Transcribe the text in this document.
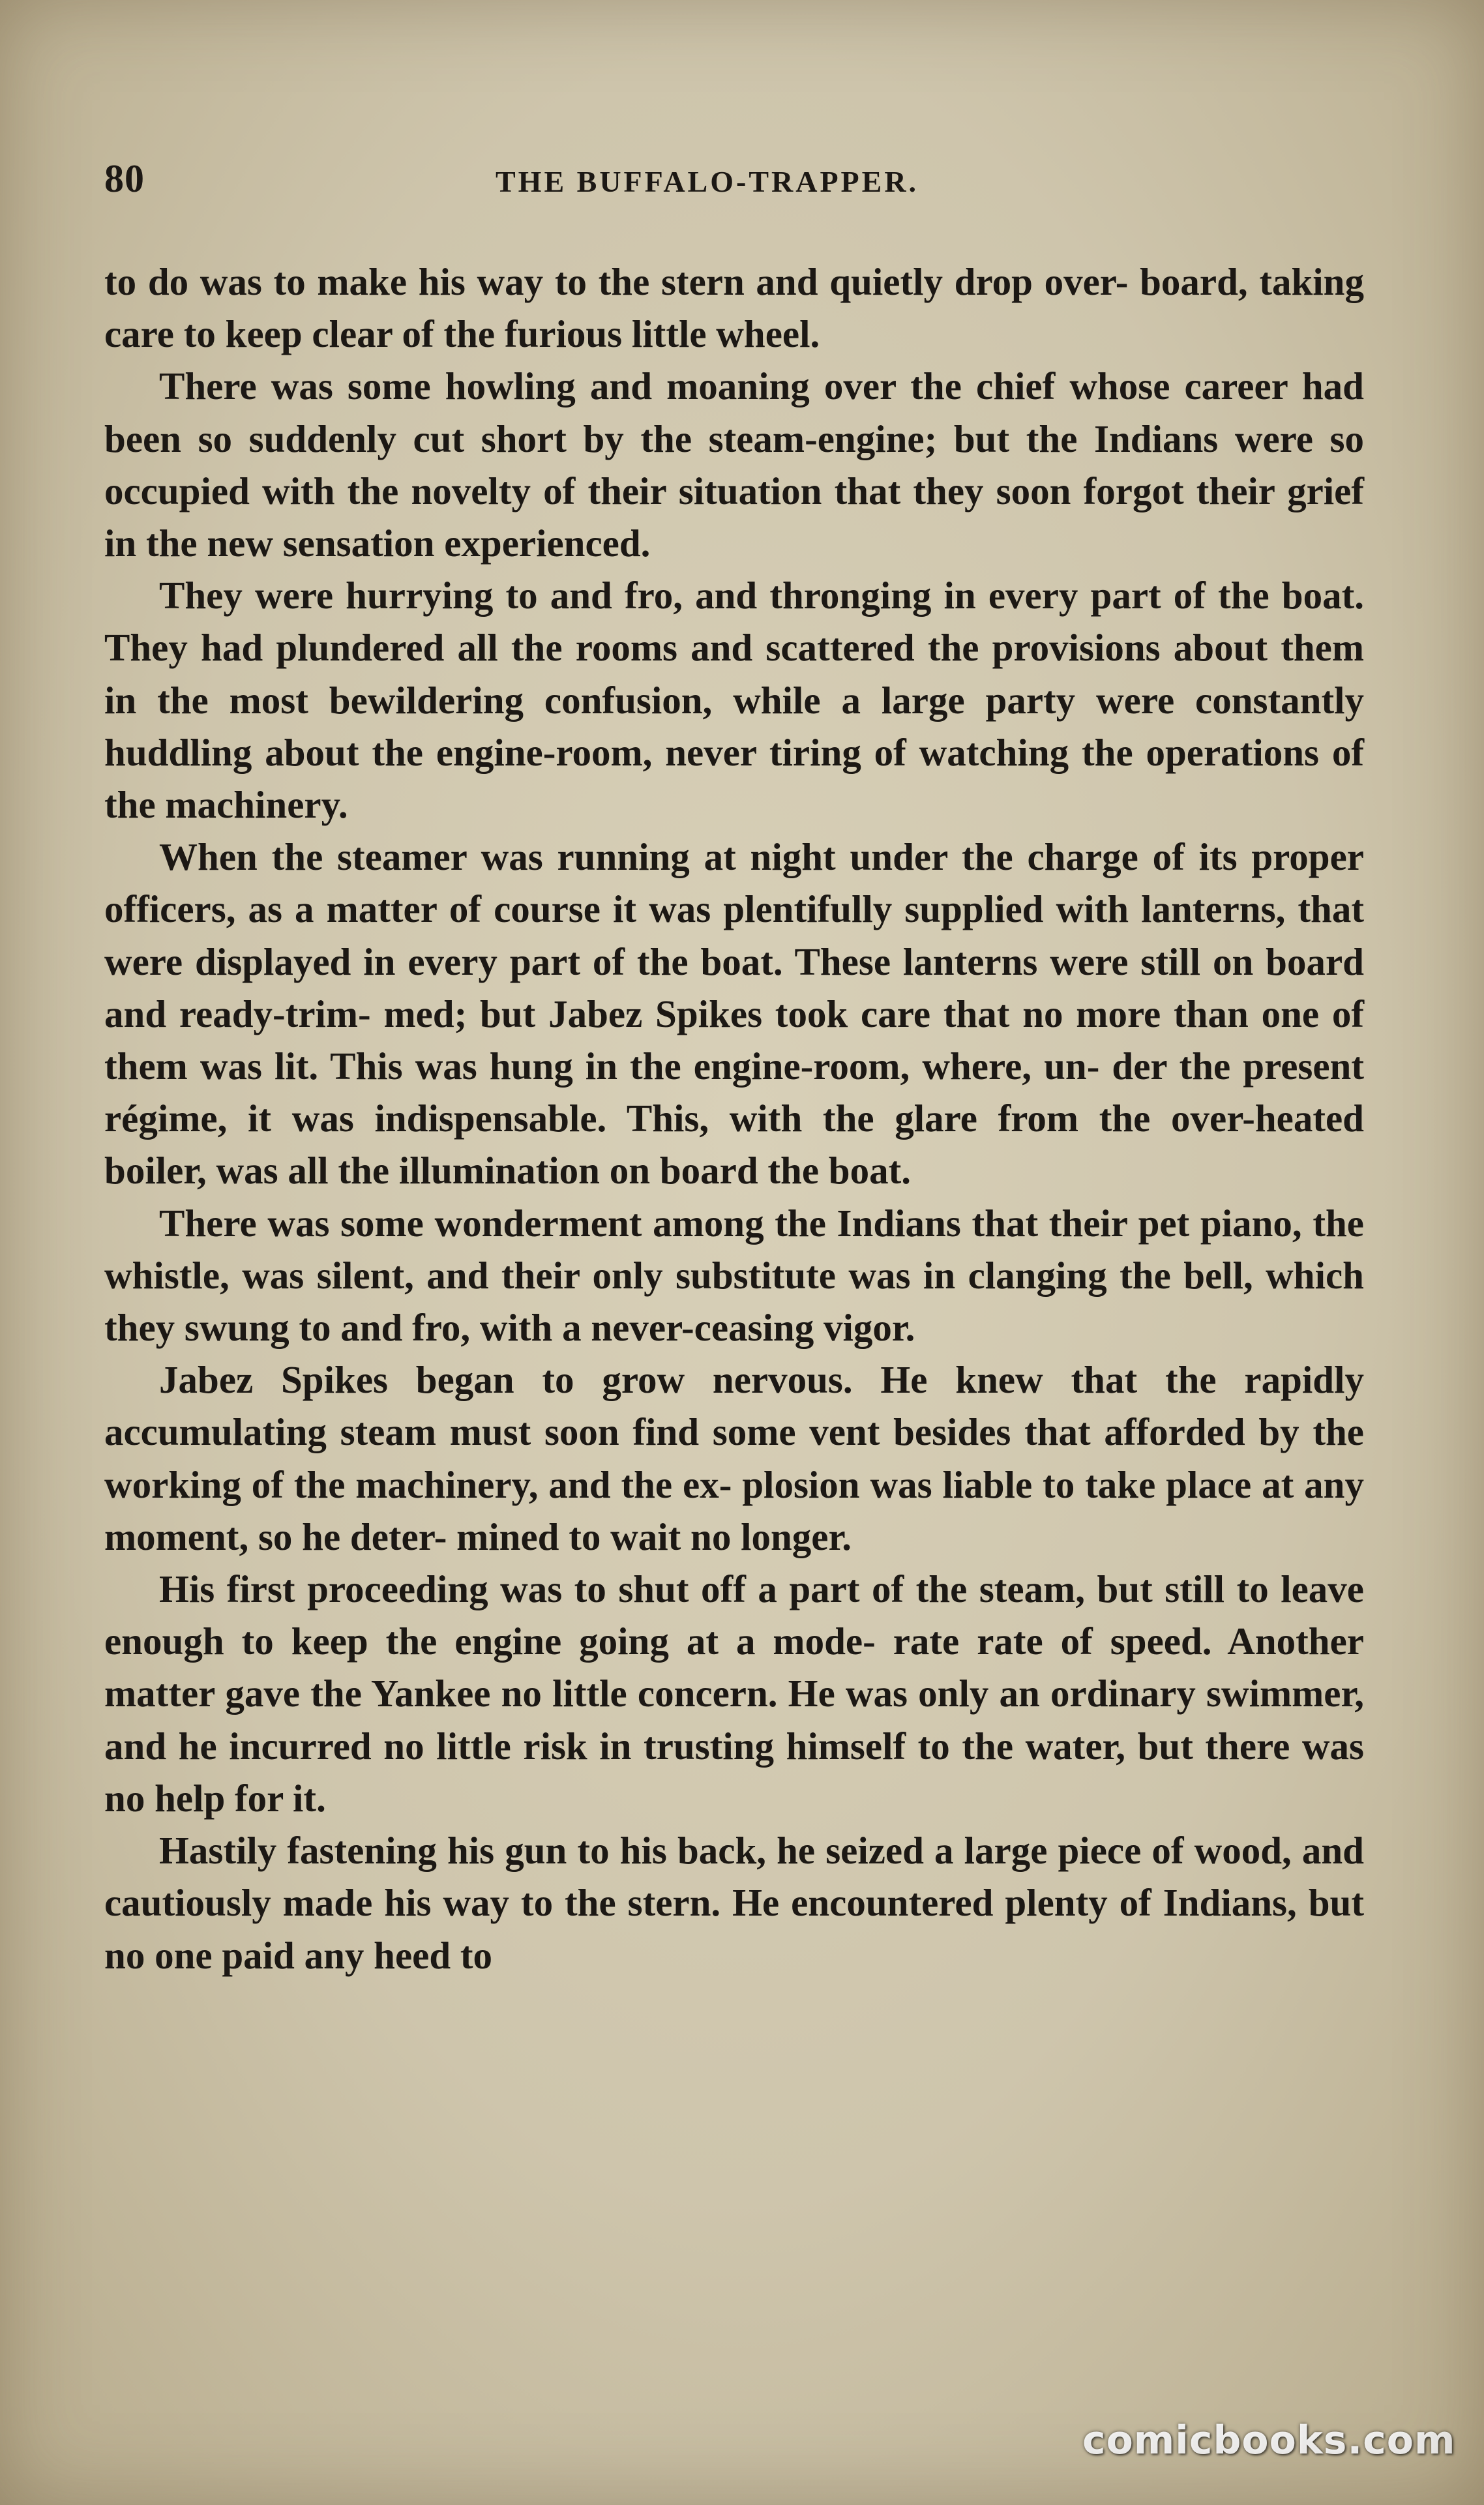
80	THE BUFFALO-TRAPPER.

to do was to make his way to the stern and quietly drop over- board, taking care to keep clear of the furious little wheel.

There was some howling and moaning over the chief whose career had been so suddenly cut short by the steam-engine; but the Indians were so occupied with the novelty of their situation that they soon forgot their grief in the new sensation experienced.

They were hurrying to and fro, and thronging in every part of the boat. They had plundered all the rooms and scattered the provisions about them in the most bewildering confusion, while a large party were constantly huddling about the engine-room, never tiring of watching the operations of the machinery.

When the steamer was running at night under the charge of its proper officers, as a matter of course it was plentifully supplied with lanterns, that were displayed in every part of the boat. These lanterns were still on board and ready-trim- med; but Jabez Spikes took care that no more than one of them was lit. This was hung in the engine-room, where, un- der the present régime, it was indispensable. This, with the glare from the over-heated boiler, was all the illumination on board the boat.

There was some wonderment among the Indians that their pet piano, the whistle, was silent, and their only substitute was in clanging the bell, which they swung to and fro, with a never-ceasing vigor.

Jabez Spikes began to grow nervous. He knew that the rapidly accumulating steam must soon find some vent besides that afforded by the working of the machinery, and the ex- plosion was liable to take place at any moment, so he deter- mined to wait no longer.

His first proceeding was to shut off a part of the steam, but still to leave enough to keep the engine going at a mode- rate rate of speed. Another matter gave the Yankee no little concern. He was only an ordinary swimmer, and he incurred no little risk in trusting himself to the water, but there was no help for it.

Hastily fastening his gun to his back, he seized a large piece of wood, and cautiously made his way to the stern. He encountered plenty of Indians, but no one paid any heed to

comicbooks.com
